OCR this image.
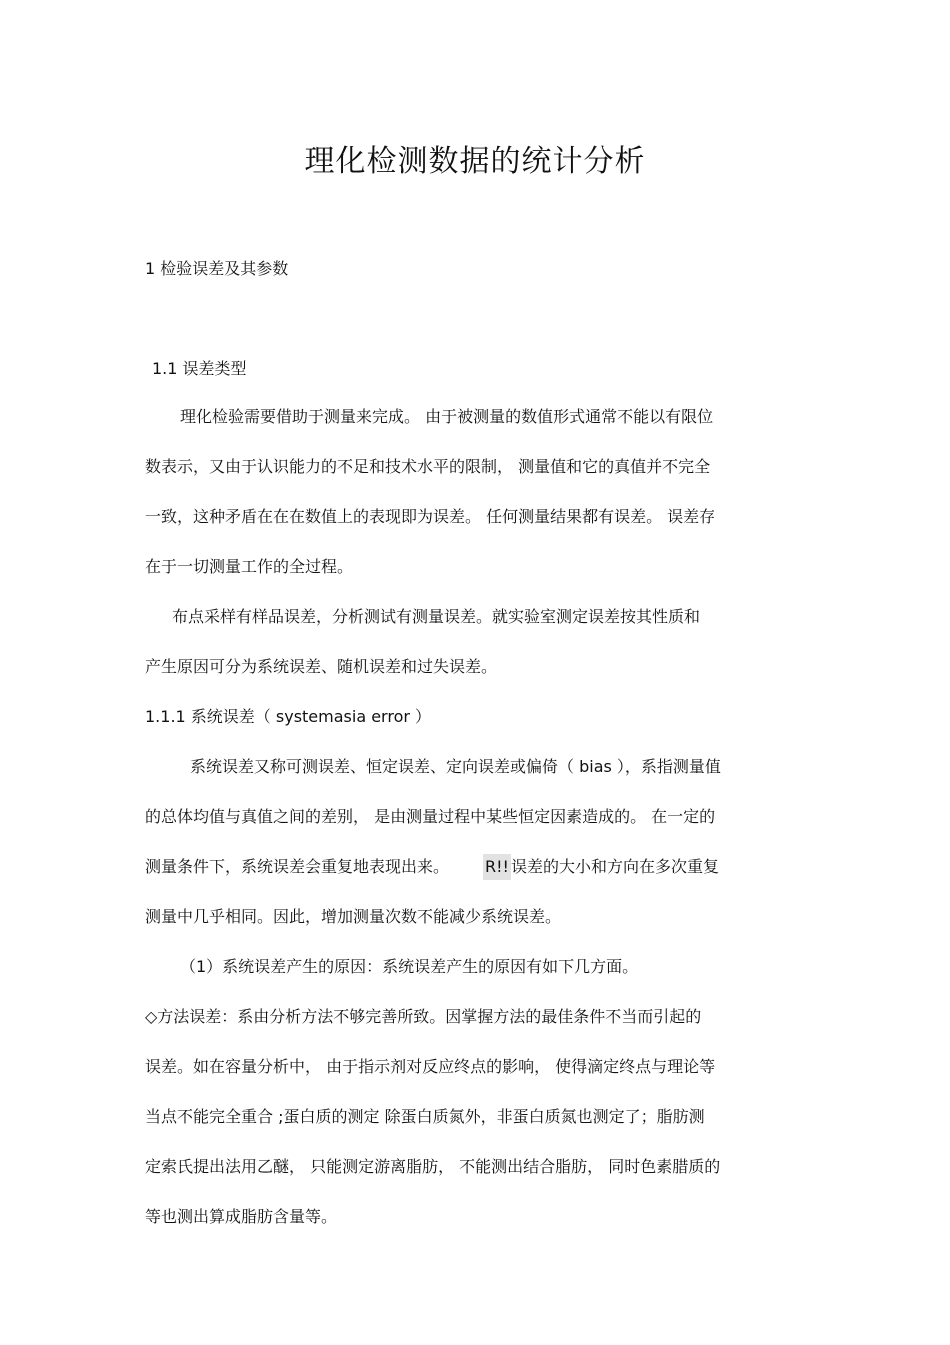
理化检测数据的统计分析
1 检验误差及其参数
1.1 误差类型
理化检验需要借助于测量来完成。 由于被测量的数值形式通常不能以有限位
数表示，又由于认识能力的不足和技术水平的限制， 测量值和它的真值并不完全
一致，这种矛盾在在在数值上的表现即为误差。 任何测量结果都有误差。 误差存
在于一切测量工作的全过程。
布点采样有样品误差，分析测试有测量误差。就实验室测定误差按其性质和
产生原因可分为系统误差、随机误差和过失误差。
1.1.1 系统误差（ systemasia error ）
系统误差又称可测误差、恒定误差、定向误差或偏倚（ bias ），系指测量值
的总体均值与真值之间的差别， 是由测量过程中某些恒定因素造成的。 在一定的
测量条件下，系统误差会重复地表现出来。 R!! 误差的大小和方向在多次重复
测量中几乎相同。因此，增加测量次数不能减少系统误差。
（1）系统误差产生的原因：系统误差产生的原因有如下几方面。
◇方法误差：系由分析方法不够完善所致。因掌握方法的最佳条件不当而引起的
误差。如在容量分析中， 由于指示剂对反应终点的影响， 使得滴定终点与理论等
当点不能完全重合 ;蛋白质的测定 除蛋白质氮外，非蛋白质氮也测定了；脂肪测
定索氏提出法用乙醚， 只能测定游离脂肪， 不能测出结合脂肪， 同时色素腊质的
等也测出算成脂肪含量等。
